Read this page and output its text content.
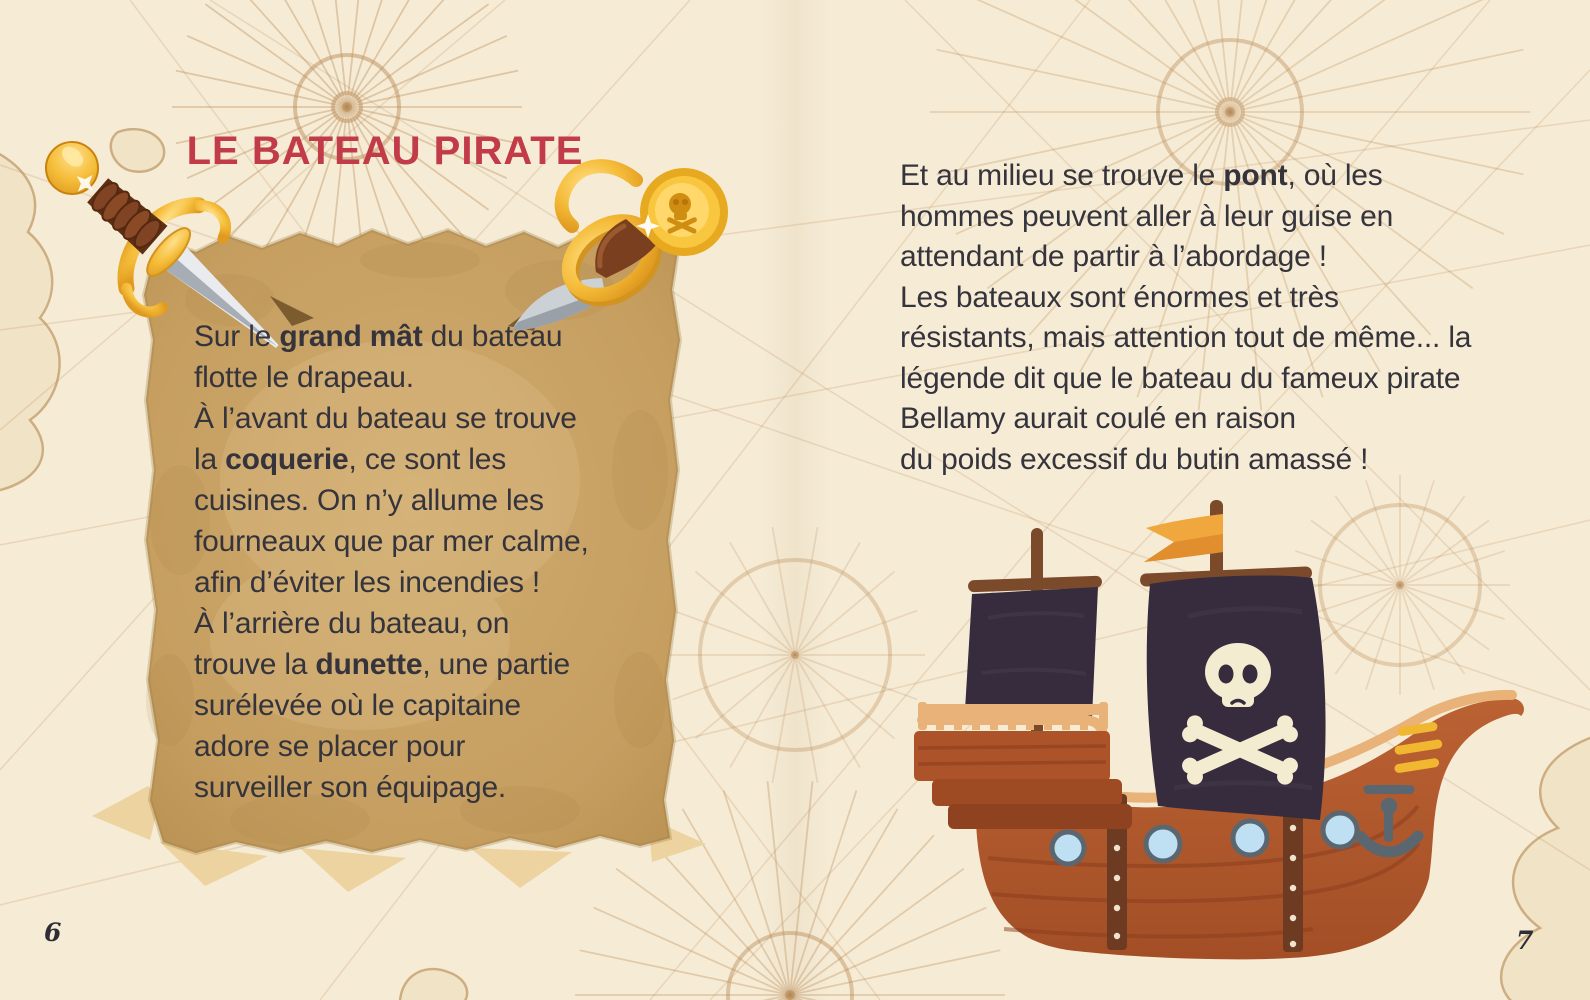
LE BATEAU PIRATE
Sur le grand mât du bateau
flotte le drapeau.
À l’avant du bateau se trouve
la coquerie, ce sont les
cuisines. On n’y allume les
fourneaux que par mer calme,
afin d’éviter les incendies !
À l’arrière du bateau, on
trouve la dunette, une partie
surélevée où le capitaine
adore se placer pour
surveiller son équipage.
6
Et au milieu se trouve le pont, où les
hommes peuvent aller à leur guise en
attendant de partir à l’abordage !
Les bateaux sont énormes et très
résistants, mais attention tout de même... la
légende dit que le bateau du fameux pirate
Bellamy aurait coulé en raison
du poids excessif du butin amassé !
7
